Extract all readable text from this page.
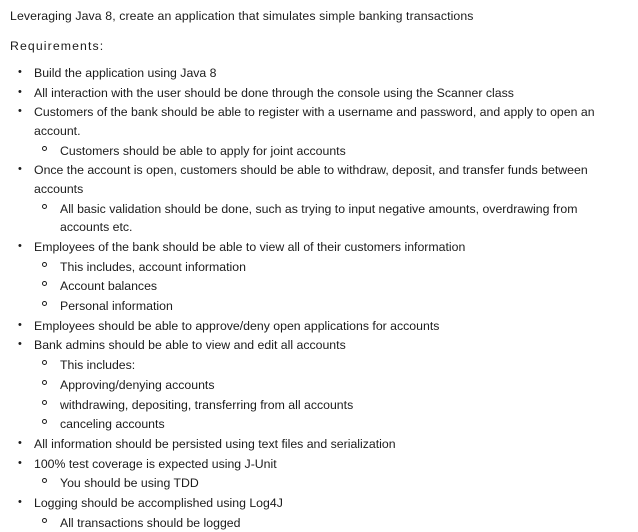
Leveraging Java 8, create an application that simulates simple banking transactions

Requirements:

• Build the application using Java 8
• All interaction with the user should be done through the console using the Scanner class
• Customers of the bank should be able to register with a username and password, and apply to open an account.
Customers should be able to apply for joint accounts
• Once the account is open, customers should be able to withdraw, deposit, and transfer funds between accounts
All basic validation should be done, such as trying to input negative amounts, overdrawing from accounts etc.
• Employees of the bank should be able to view all of their customers information
This includes, account information
Account balances
Personal information
• Employees should be able to approve/deny open applications for accounts
• Bank admins should be able to view and edit all accounts
This includes:
Approving/denying accounts
withdrawing, depositing, transferring from all accounts
canceling accounts
• All information should be persisted using text files and serialization
• 100% test coverage is expected using J-Unit
You should be using TDD
• Logging should be accomplished using Log4J
All transactions should be logged
